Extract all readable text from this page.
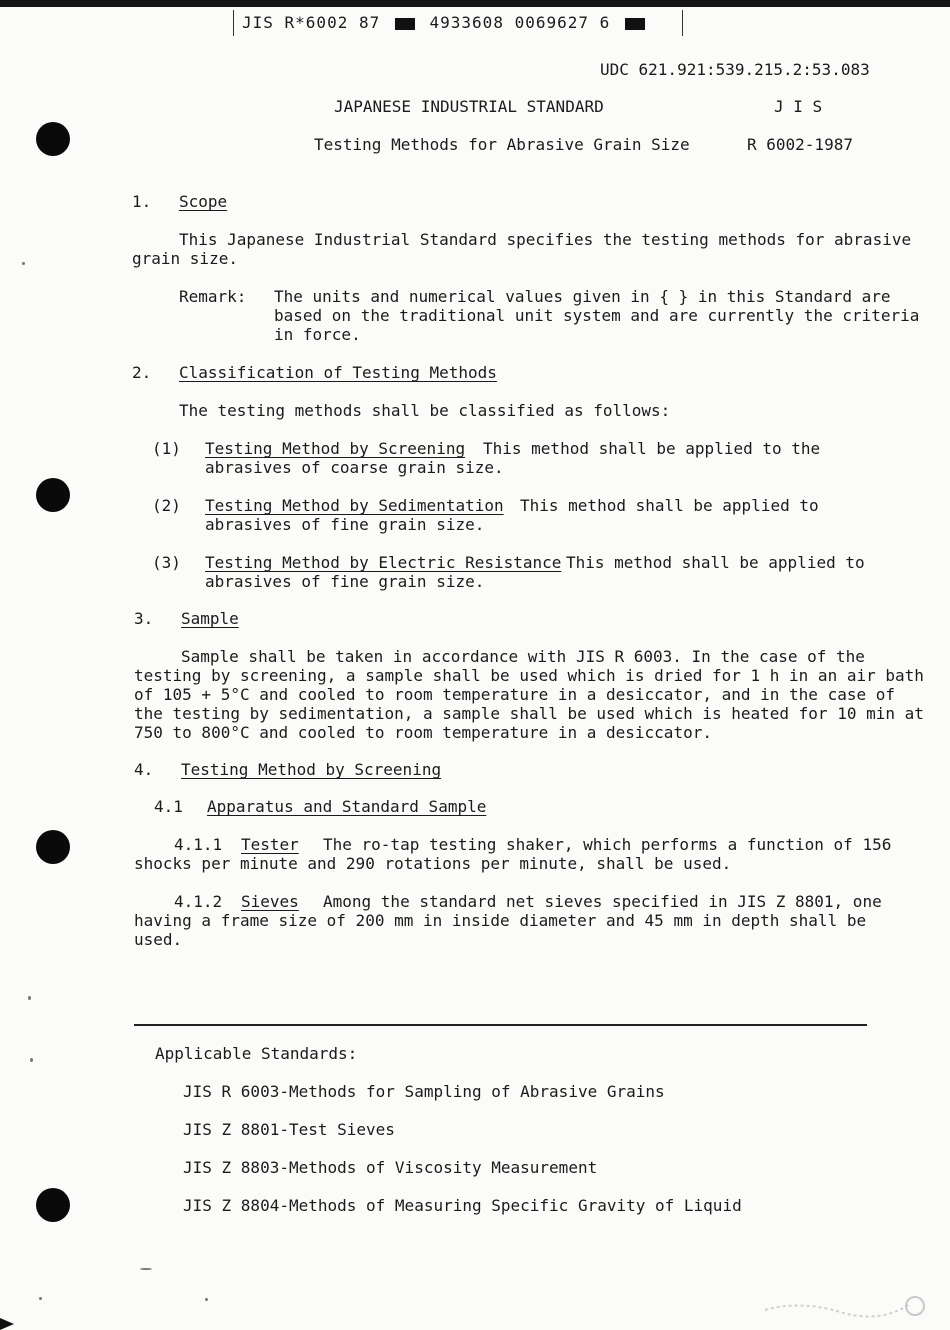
JIS R*6002 87	4933608 0069627 6
UDC 621.921:539.215.2:53.083
JAPANESE INDUSTRIAL STANDARD	J I S
Testing Methods for Abrasive Grain Size	R 6002-1987
1. Scope
This Japanese Industrial Standard specifies the testing methods for abrasive
grain size.
Remark: The units and numerical values given in { } in this Standard are
based on the traditional unit system and are currently the criteria
in force.
2. Classification of Testing Methods
The testing methods shall be classified as follows:
(1) Testing Method by Screening This method shall be applied to the
abrasives of coarse grain size.
(2) Testing Method by Sedimentation This method shall be applied to
abrasives of fine grain size.
(3) Testing Method by Electric Resistance This method shall be applied to
abrasives of fine grain size.
3. Sample
Sample shall be taken in accordance with JIS R 6003. In the case of the
testing by screening, a sample shall be used which is dried for 1 h in an air bath
of 105 + 5°C and cooled to room temperature in a desiccator, and in the case of
the testing by sedimentation, a sample shall be used which is heated for 10 min at
750 to 800°C and cooled to room temperature in a desiccator.
4. Testing Method by Screening
4.1 Apparatus and Standard Sample
4.1.1 Tester The ro-tap testing shaker, which performs a function of 156
shocks per minute and 290 rotations per minute, shall be used.
4.1.2 Sieves Among the standard net sieves specified in JIS Z 8801, one
having a frame size of 200 mm in inside diameter and 45 mm in depth shall be
used.
Applicable Standards:
JIS R 6003-Methods for Sampling of Abrasive Grains
JIS Z 8801-Test Sieves
JIS Z 8803-Methods of Viscosity Measurement
JIS Z 8804-Methods of Measuring Specific Gravity of Liquid
